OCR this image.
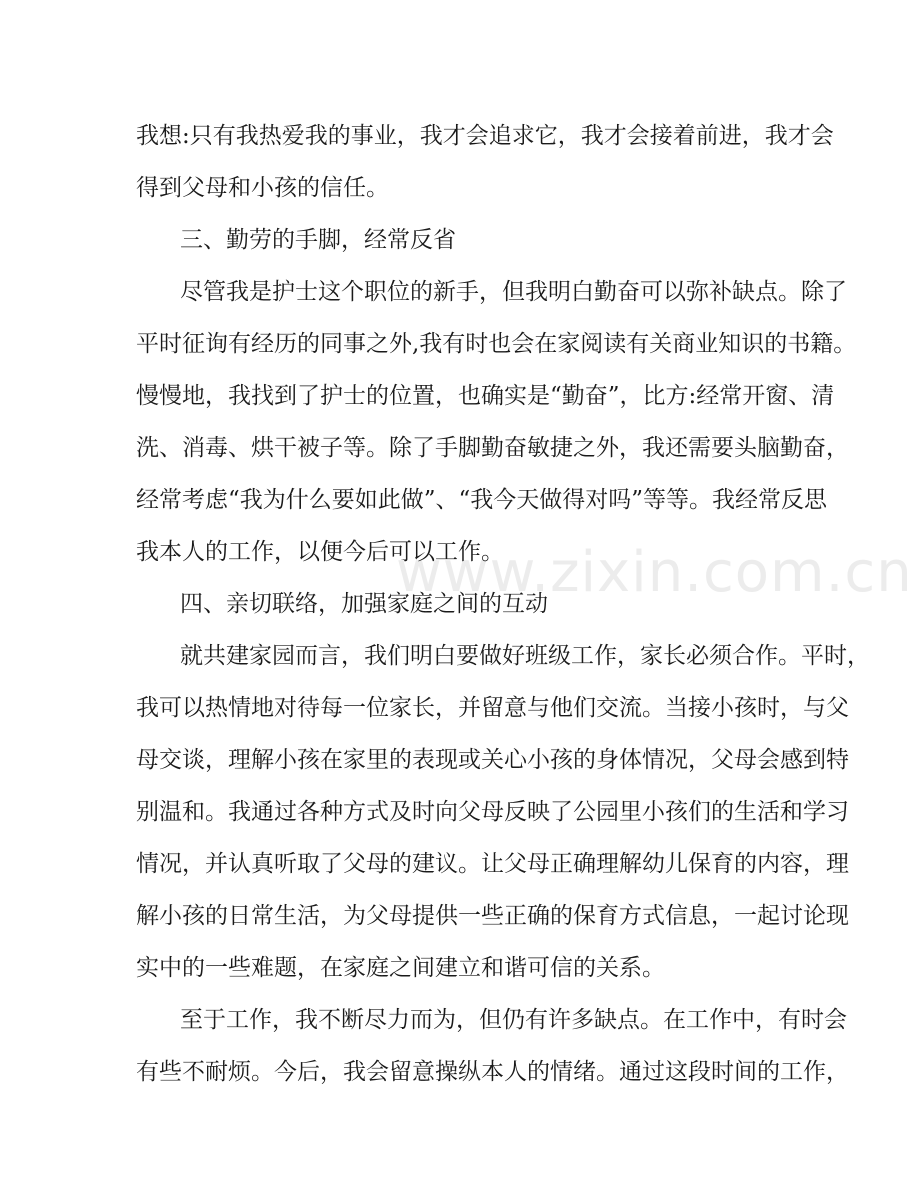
www.zixin.com.cn
我想:只有我热爱我的事业，我才会追求它，我才会接着前进，我才会
得到父母和小孩的信任。
三、勤劳的手脚，经常反省
尽管我是护士这个职位的新手，但我明白勤奋可以弥补缺点。除了
平时征询有经历的同事之外,我有时也会在家阅读有关商业知识的书籍。
慢慢地，我找到了护士的位置，也确实是“勤奋”，比方:经常开窗、清
洗、消毒、烘干被子等。除了手脚勤奋敏捷之外，我还需要头脑勤奋，
经常考虑“我为什么要如此做”、“我今天做得对吗”等等。我经常反思
我本人的工作，以便今后可以工作。
四、亲切联络，加强家庭之间的互动
就共建家园而言，我们明白要做好班级工作，家长必须合作。平时，
我可以热情地对待每一位家长，并留意与他们交流。当接小孩时，与父
母交谈，理解小孩在家里的表现或关心小孩的身体情况，父母会感到特
别温和。我通过各种方式及时向父母反映了公园里小孩们的生活和学习
情况，并认真听取了父母的建议。让父母正确理解幼儿保育的内容，理
解小孩的日常生活，为父母提供一些正确的保育方式信息，一起讨论现
实中的一些难题，在家庭之间建立和谐可信的关系。
至于工作，我不断尽力而为，但仍有许多缺点。在工作中，有时会
有些不耐烦。今后，我会留意操纵本人的情绪。通过这段时间的工作，
